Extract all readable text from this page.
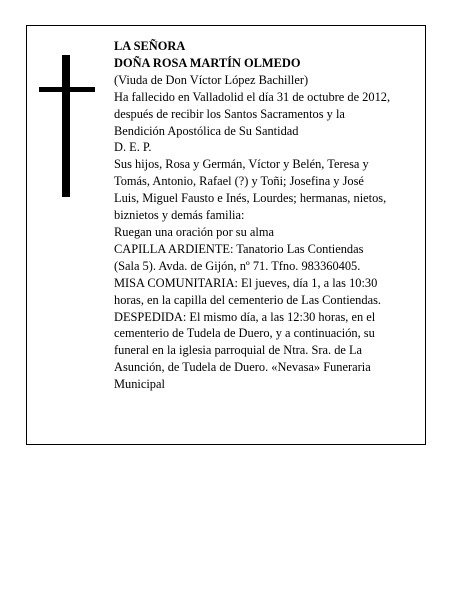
LA SEÑORA
DOÑA ROSA MARTÍN OLMEDO
(Viuda de Don Víctor López Bachiller)
Ha fallecido en Valladolid el día 31 de octubre de 2012,
después de recibir los Santos Sacramentos y la
Bendición Apostólica de Su Santidad
D. E. P.
Sus hijos, Rosa y Germán, Víctor y Belén, Teresa y
Tomás, Antonio, Rafael (?) y Toñi; Josefina y José
Luis, Miguel Fausto e Inés, Lourdes; hermanas, nietos,
biznietos y demás familia:
Ruegan una oración por su alma
CAPILLA ARDIENTE: Tanatorio Las Contiendas
(Sala 5). Avda. de Gijón, nº 71. Tfno. 983360405.
MISA COMUNITARIA: El jueves, día 1, a las 10:30
horas, en la capilla del cementerio de Las Contiendas.
DESPEDIDA: El mismo día, a las 12:30 horas, en el
cementerio de Tudela de Duero, y a continuación, su
funeral en la iglesia parroquial de Ntra. Sra. de La
Asunción, de Tudela de Duero. «Nevasa» Funeraria
Municipal
